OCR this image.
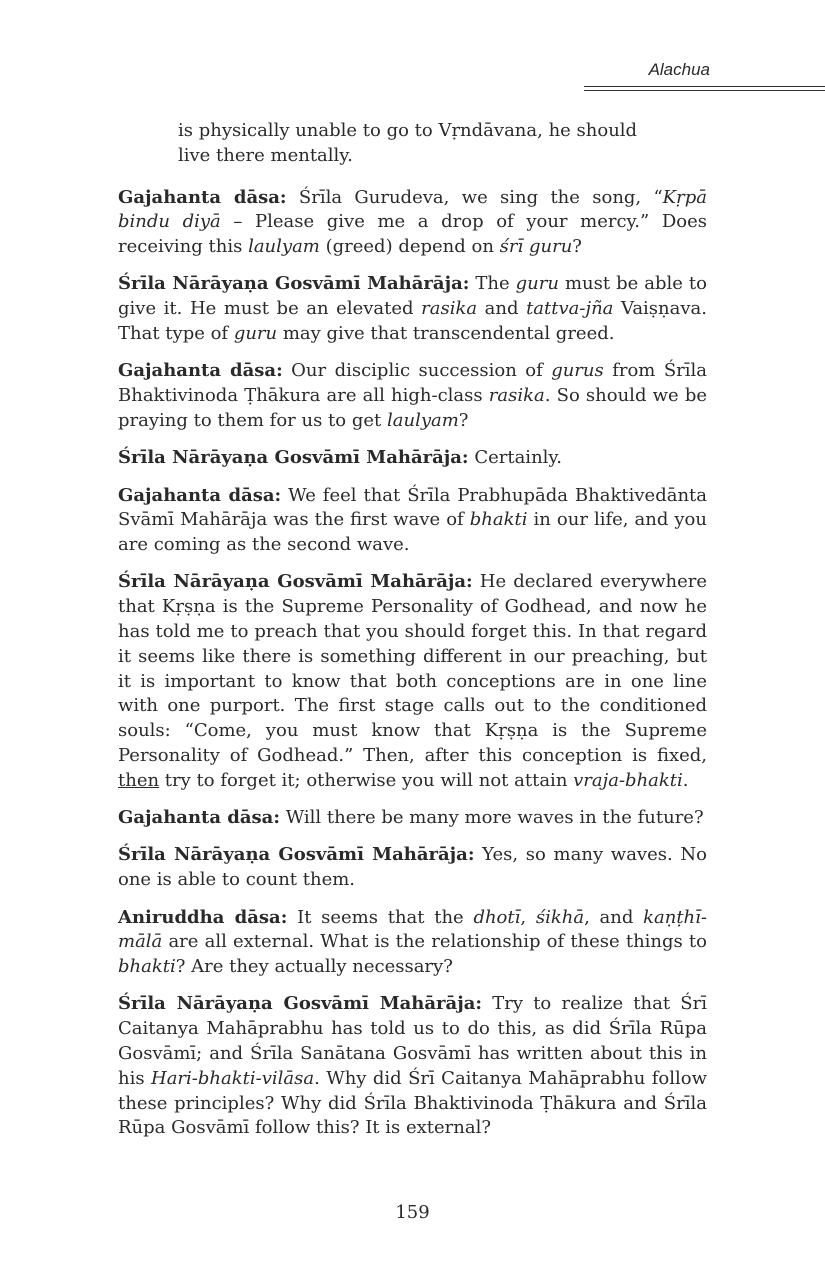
Alachua
is physically unable to go to Vṛndāvana, he should live there mentally.

Gajahanta dāsa: Śrīla Gurudeva, we sing the song, “Kṛpā bindu diyā – Please give me a drop of your mercy.” Does receiving this laulyam (greed) depend on śrī guru?

Śrīla Nārāyaṇa Gosvāmī Mahārāja: The guru must be able to give it. He must be an elevated rasika and tattva-jña Vaiṣṇava. That type of guru may give that transcendental greed.

Gajahanta dāsa: Our disciplic succession of gurus from Śrīla Bhaktivinoda Ṭhākura are all high-class rasika. So should we be praying to them for us to get laulyam?

Śrīla Nārāyaṇa Gosvāmī Mahārāja: Certainly.

Gajahanta dāsa: We feel that Śrīla Prabhupāda Bhaktivedānta Svāmī Mahārāja was the first wave of bhakti in our life, and you are coming as the second wave.

Śrīla Nārāyaṇa Gosvāmī Mahārāja: He declared everywhere that Kṛṣṇa is the Supreme Personality of Godhead, and now he has told me to preach that you should forget this. In that regard it seems like there is something different in our preaching, but it is important to know that both conceptions are in one line with one purport. The first stage calls out to the conditioned souls: “Come, you must know that Kṛṣṇa is the Supreme Personality of Godhead.” Then, after this conception is fixed, then try to forget it; otherwise you will not attain vraja-bhakti.

Gajahanta dāsa: Will there be many more waves in the future?

Śrīla Nārāyaṇa Gosvāmī Mahārāja: Yes, so many waves. No one is able to count them.

Aniruddha dāsa: It seems that the dhotī, śikhā, and kaṇṭhī-mālā are all external. What is the relationship of these things to bhakti? Are they actually necessary?

Śrīla Nārāyaṇa Gosvāmī Mahārāja: Try to realize that Śrī Caitanya Mahāprabhu has told us to do this, as did Śrīla Rūpa Gosvāmī; and Śrīla Sanātana Gosvāmī has written about this in his Hari-bhakti-vilāsa. Why did Śrī Caitanya Mahāprabhu follow these principles? Why did Śrīla Bhaktivinoda Ṭhākura and Śrīla Rūpa Gosvāmī follow this? It is external?

159
